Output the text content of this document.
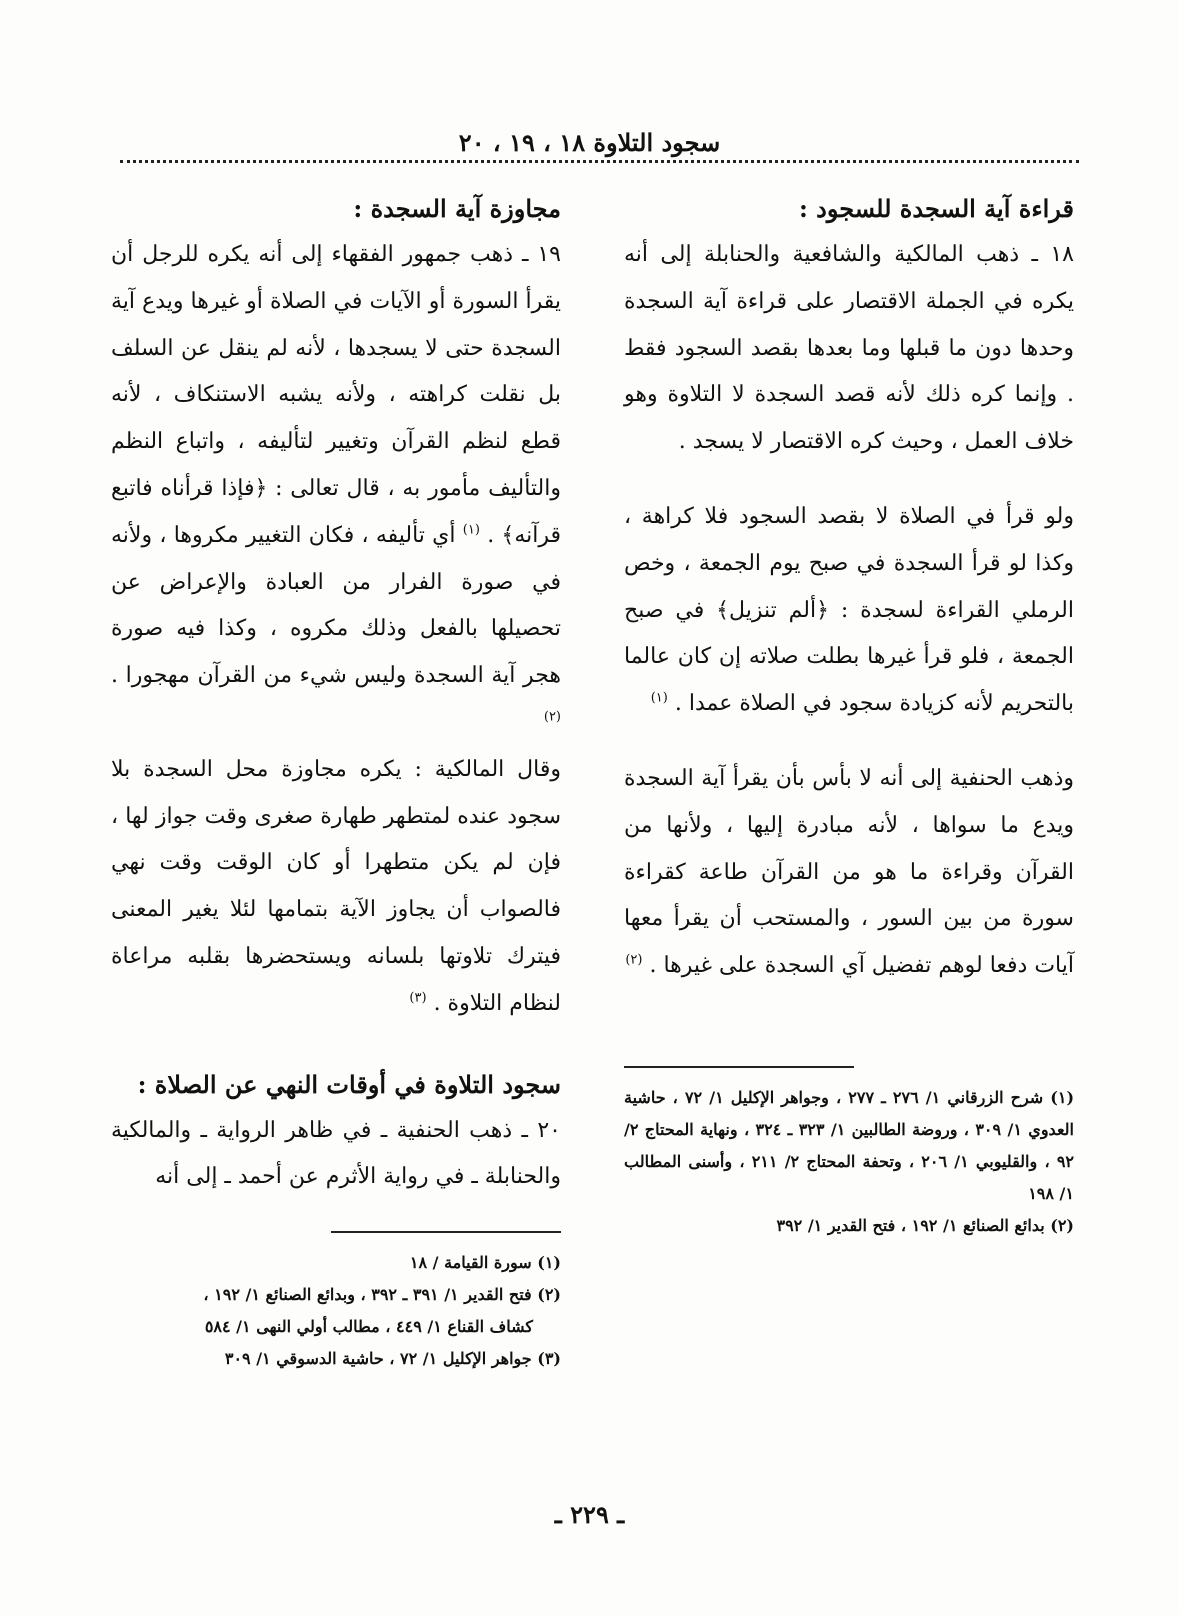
سجود التلاوة ١٨ ، ١٩ ، ٢٠

قراءة آية السجدة للسجود :

١٨ ـ ذهب المالكية والشافعية والحنابلة إلى أنه يكره في الجملة الاقتصار على قراءة آية السجدة وحدها دون ما قبلها وما بعدها بقصد السجود فقط . وإنما كره ذلك لأنه قصد السجدة لا التلاوة وهو خلاف العمل ، وحيث كره الاقتصار لا يسجد .

ولو قرأ في الصلاة لا بقصد السجود فلا كراهة ، وكذا لو قرأ السجدة في صبح يوم الجمعة ، وخص الرملي القراءة لسجدة : ﴿ألم تنزيل﴾ في صبح الجمعة ، فلو قرأ غيرها بطلت صلاته إن كان عالما بالتحريم لأنه كزيادة سجود في الصلاة عمدا . $^{(١)}$

وذهب الحنفية إلى أنه لا بأس بأن يقرأ آية السجدة ويدع ما سواها ، لأنه مبادرة إليها ، ولأنها من القرآن وقراءة ما هو من القرآن طاعة كقراءة سورة من بين السور ، والمستحب أن يقرأ معها آيات دفعا لوهم تفضيل آي السجدة على غيرها . $^{(٢)}$

(١) شرح الزرقاني ١/ ٢٧٦ ـ ٢٧٧ ، وجواهر الإكليل ١/ ٧٢ ، حاشية العدوي ١/ ٣٠٩ ، وروضة الطالبين ١/ ٣٢٣ ـ ٣٢٤ ، ونهاية المحتاج ٢/ ٩٢ ، والقليوبي ١/ ٢٠٦ ، وتحفة المحتاج ٢/ ٢١١ ، وأسنى المطالب ١/ ١٩٨

(٢) بدائع الصنائع ١/ ١٩٢ ، فتح القدير ١/ ٣٩٢

مجاوزة آية السجدة :

١٩ ـ ذهب جمهور الفقهاء إلى أنه يكره للرجل أن يقرأ السورة أو الآيات في الصلاة أو غيرها ويدع آية السجدة حتى لا يسجدها ، لأنه لم ينقل عن السلف بل نقلت كراهته ، ولأنه يشبه الاستنكاف ، لأنه قطع لنظم القرآن وتغيير لتأليفه ، واتباع النظم والتأليف مأمور به ، قال تعالى : ﴿فإذا قرأناه فاتبع قرآنه﴾ . $^{(١)}$ أي تأليفه ، فكان التغيير مكروها ، ولأنه في صورة الفرار من العبادة والإعراض عن تحصيلها بالفعل وذلك مكروه ، وكذا فيه صورة هجر آية السجدة وليس شيء من القرآن مهجورا . $^{(٢)}$

وقال المالكية : يكره مجاوزة محل السجدة بلا سجود عنده لمتطهر طهارة صغرى وقت جواز لها ، فإن لم يكن متطهرا أو كان الوقت وقت نهي فالصواب أن يجاوز الآية بتمامها لئلا يغير المعنى فيترك تلاوتها بلسانه ويستحضرها بقلبه مراعاة لنظام التلاوة . $^{(٣)}$

سجود التلاوة في أوقات النهي عن الصلاة :

٢٠ ـ ذهب الحنفية ـ في ظاهر الرواية ـ والمالكية والحنابلة ـ في رواية الأثرم عن أحمد ـ إلى أنه

(١) سورة القيامة / ١٨

(٢) فتح القدير ١/ ٣٩١ ـ ٣٩٢ ، وبدائع الصنائع ١/ ١٩٢ ،

كشاف القناع ١/ ٤٤٩ ، مطالب أولي النهى ١/ ٥٨٤

(٣) جواهر الإكليل ١/ ٧٢ ، حاشية الدسوقي ١/ ٣٠٩

ـ ٢٢٩ ـ
